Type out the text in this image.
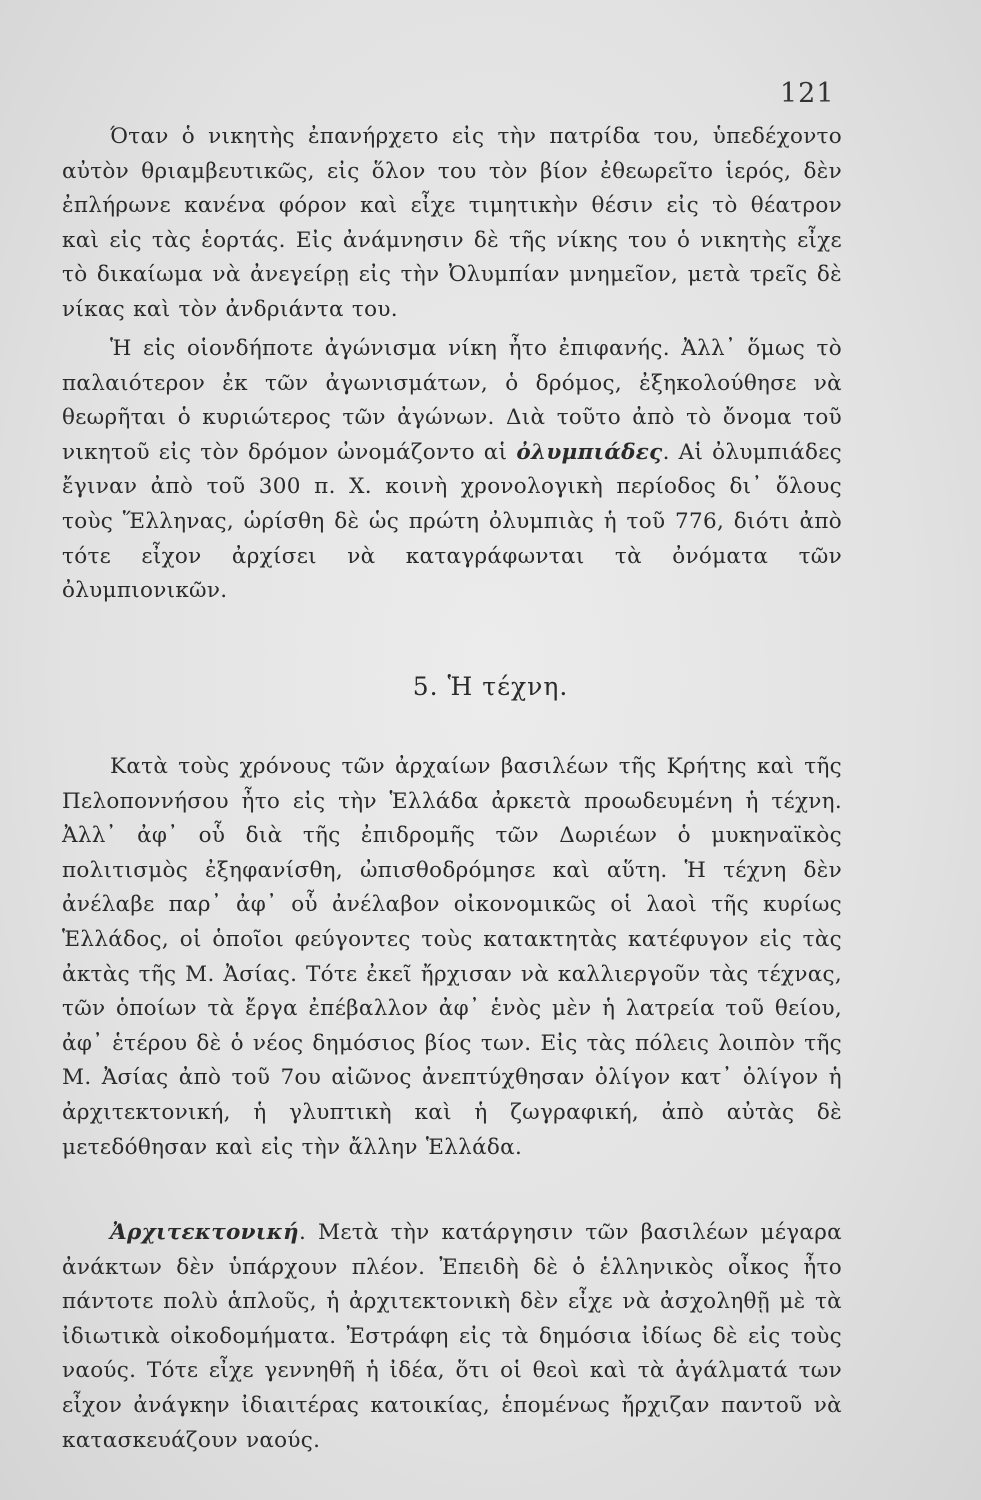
121

Όταν ὁ νικητὴς ἐπανήρχετο εἰς τὴν πατρίδα του, ὑπεδέχοντο αὐτὸν θριαμβευτικῶς, εἰς ὅλον του τὸν βίον ἐθεωρεῖτο ἱερός, δὲν ἐπλήρωνε κανένα φόρον καὶ εἶχε τιμητικὴν θέσιν εἰς τὸ θέατρον καὶ εἰς τὰς ἑορτάς. Εἰς ἀνάμνησιν δὲ τῆς νίκης του ὁ νικητὴς εἶχε τὸ δικαίωμα νὰ ἀνεγείρῃ εἰς τὴν Ὀλυμπίαν μνημεῖον, μετὰ τρεῖς δὲ νίκας καὶ τὸν ἀνδριάντα του.

Ἡ εἰς οἱονδήποτε ἀγώνισμα νίκη ἦτο ἐπιφανής. Ἀλλ᾽ ὅμως τὸ παλαιότερον ἐκ τῶν ἀγωνισμάτων, ὁ δρόμος, ἐξηκολούθησε νὰ θεωρῆται ὁ κυριώτερος τῶν ἀγώνων. Διὰ τοῦτο ἀπὸ τὸ ὄνομα τοῦ νικητοῦ εἰς τὸν δρόμον ὠνομάζοντο αἱ ὀλυμπιάδες. Αἱ ὀλυμπιάδες ἔγιναν ἀπὸ τοῦ 300 π. Χ. κοινὴ χρονολογικὴ περίοδος δι᾽ ὅλους τοὺς Ἕλληνας, ὡρίσθη δὲ ὡς πρώτη ὀλυμπιὰς ἡ τοῦ 776, διότι ἀπὸ τότε εἶχον ἀρχίσει νὰ καταγράφωνται τὰ ὀνόματα τῶν ὀλυμπιονικῶν.

5. Ἡ τέχνη.

Κατὰ τοὺς χρόνους τῶν ἀρχαίων βασιλέων τῆς Κρήτης καὶ τῆς Πελοποννήσου ἦτο εἰς τὴν Ἑλλάδα ἀρκετὰ προωδευμένη ἡ τέχνη. Ἀλλ᾽ ἀφ᾽ οὗ διὰ τῆς ἐπιδρομῆς τῶν Δωριέων ὁ μυκηναϊκὸς πολιτισμὸς ἐξηφανίσθη, ὠπισθοδρόμησε καὶ αὕτη. Ἡ τέχνη δὲν ἀνέλαβε παρ᾽ ἀφ᾽ οὗ ἀνέλαβον οἰκονομικῶς οἱ λαοὶ τῆς κυρίως Ἑλλάδος, οἱ ὁποῖοι φεύγοντες τοὺς κατακτητὰς κατέφυγον εἰς τὰς ἀκτὰς τῆς Μ. Ἀσίας. Τότε ἐκεῖ ἤρχισαν νὰ καλλιεργοῦν τὰς τέχνας, τῶν ὁποίων τὰ ἔργα ἐπέβαλλον ἀφ᾽ ἑνὸς μὲν ἡ λατρεία τοῦ θείου, ἀφ᾽ ἑτέρου δὲ ὁ νέος δημόσιος βίος των. Εἰς τὰς πόλεις λοιπὸν τῆς Μ. Ἀσίας ἀπὸ τοῦ 7ου αἰῶνος ἀνεπτύχθησαν ὀλίγον κατ᾽ ὀλίγον ἡ ἀρχιτεκτονική, ἡ γλυπτικὴ καὶ ἡ ζωγραφική, ἀπὸ αὐτὰς δὲ μετεδόθησαν καὶ εἰς τὴν ἄλλην Ἑλλάδα.

Ἀρχιτεκτονική. Μετὰ τὴν κατάργησιν τῶν βασιλέων μέγαρα ἀνάκτων δὲν ὑπάρχουν πλέον. Ἐπειδὴ δὲ ὁ ἑλληνικὸς οἶκος ἦτο πάντοτε πολὺ ἁπλοῦς, ἡ ἀρχιτεκτονικὴ δὲν εἶχε νὰ ἀσχοληθῇ μὲ τὰ ἰδιωτικὰ οἰκοδομήματα. Ἐστράφη εἰς τὰ δημόσια ἰδίως δὲ εἰς τοὺς ναούς. Τότε εἶχε γεννηθῆ ἡ ἰδέα, ὅτι οἱ θεοὶ καὶ τὰ ἀγάλματά των εἶχον ἀνάγκην ἰδιαιτέρας κατοικίας, ἑπομένως ἤρχιζαν παντοῦ νὰ κατασκευάζουν ναούς.
